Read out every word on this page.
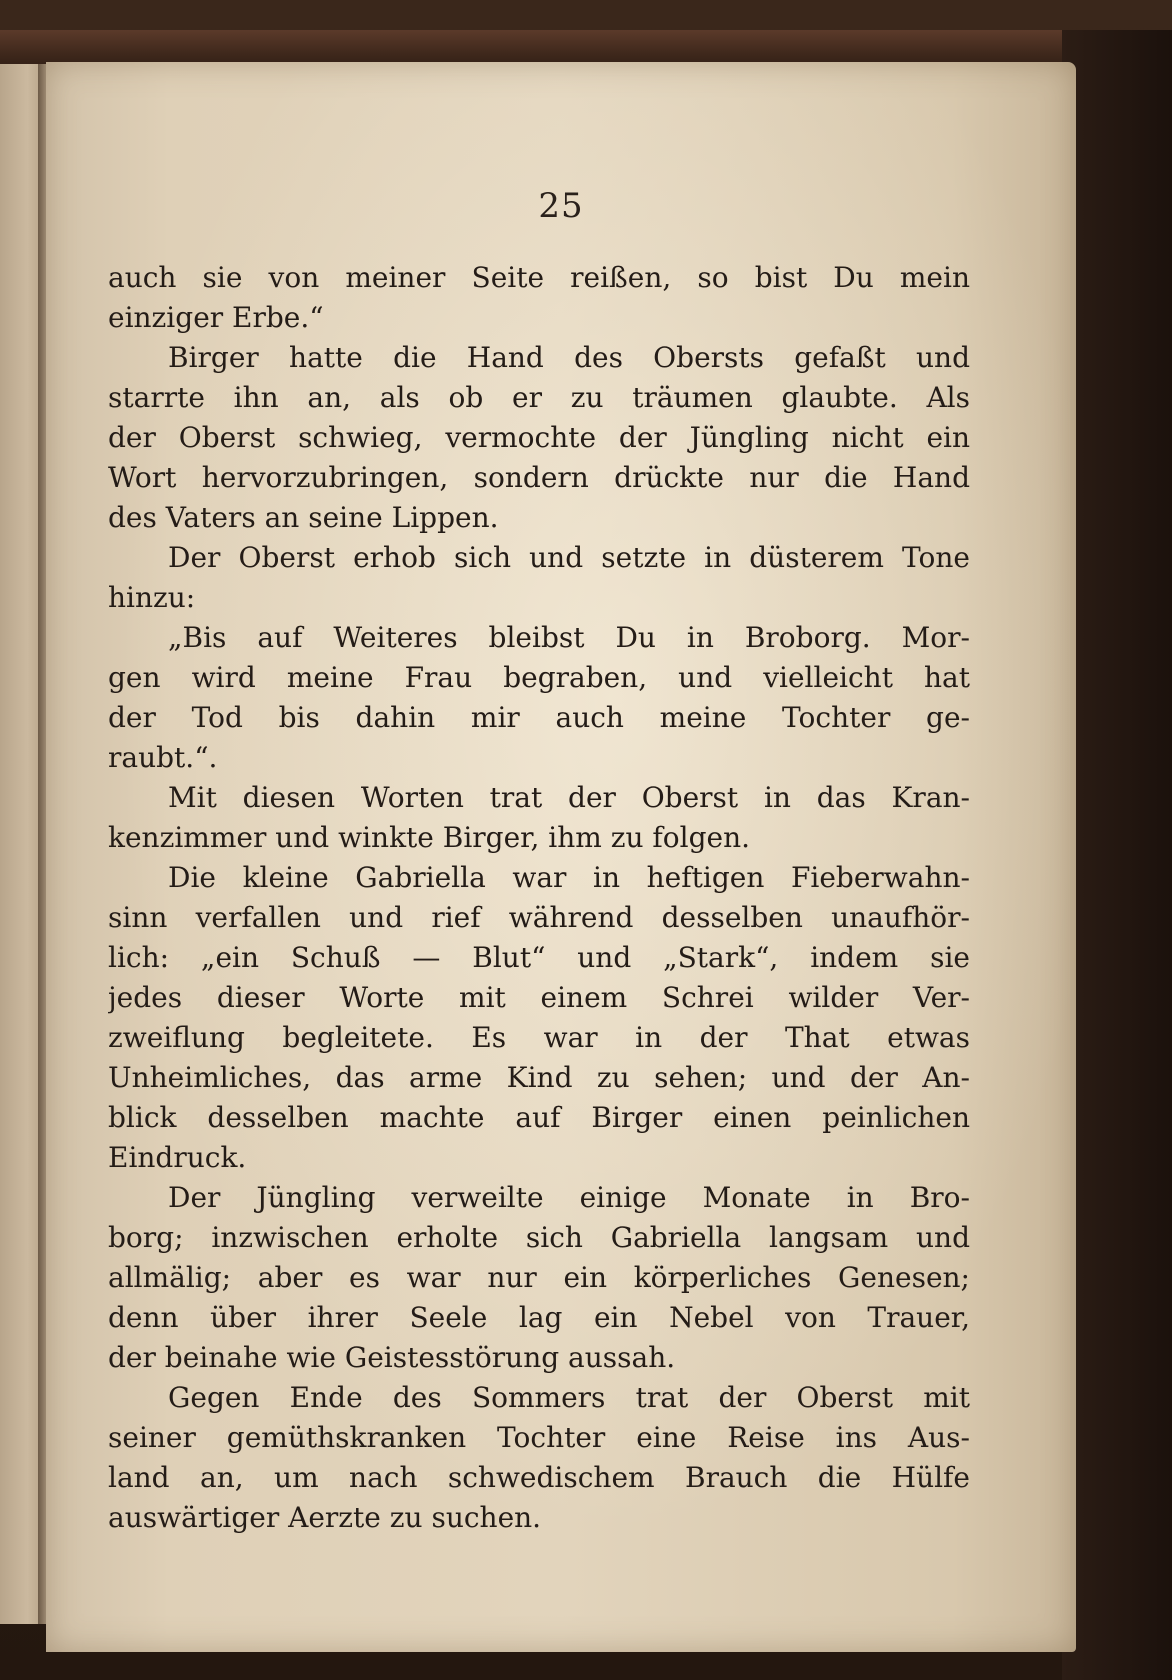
25
auch sie von meiner Seite reißen, so bist Du mein
einziger Erbe.“
Birger hatte die Hand des Obersts gefaßt und
starrte ihn an, als ob er zu träumen glaubte. Als
der Oberst schwieg, vermochte der Jüngling nicht ein
Wort hervorzubringen, sondern drückte nur die Hand
des Vaters an seine Lippen.
Der Oberst erhob sich und setzte in düsterem Tone
hinzu:
„Bis auf Weiteres bleibst Du in Broborg. Mor-
gen wird meine Frau begraben, und vielleicht hat
der Tod bis dahin mir auch meine Tochter ge-
raubt.“.
Mit diesen Worten trat der Oberst in das Kran-
kenzimmer und winkte Birger, ihm zu folgen.
Die kleine Gabriella war in heftigen Fieberwahn-
sinn verfallen und rief während desselben unaufhör-
lich: „ein Schuß — Blut“ und „Stark“, indem sie
jedes dieser Worte mit einem Schrei wilder Ver-
zweiflung begleitete. Es war in der That etwas
Unheimliches, das arme Kind zu sehen; und der An-
blick desselben machte auf Birger einen peinlichen
Eindruck.
Der Jüngling verweilte einige Monate in Bro-
borg; inzwischen erholte sich Gabriella langsam und
allmälig; aber es war nur ein körperliches Genesen;
denn über ihrer Seele lag ein Nebel von Trauer,
der beinahe wie Geistesstörung aussah.
Gegen Ende des Sommers trat der Oberst mit
seiner gemüthskranken Tochter eine Reise ins Aus-
land an, um nach schwedischem Brauch die Hülfe
auswärtiger Aerzte zu suchen.
